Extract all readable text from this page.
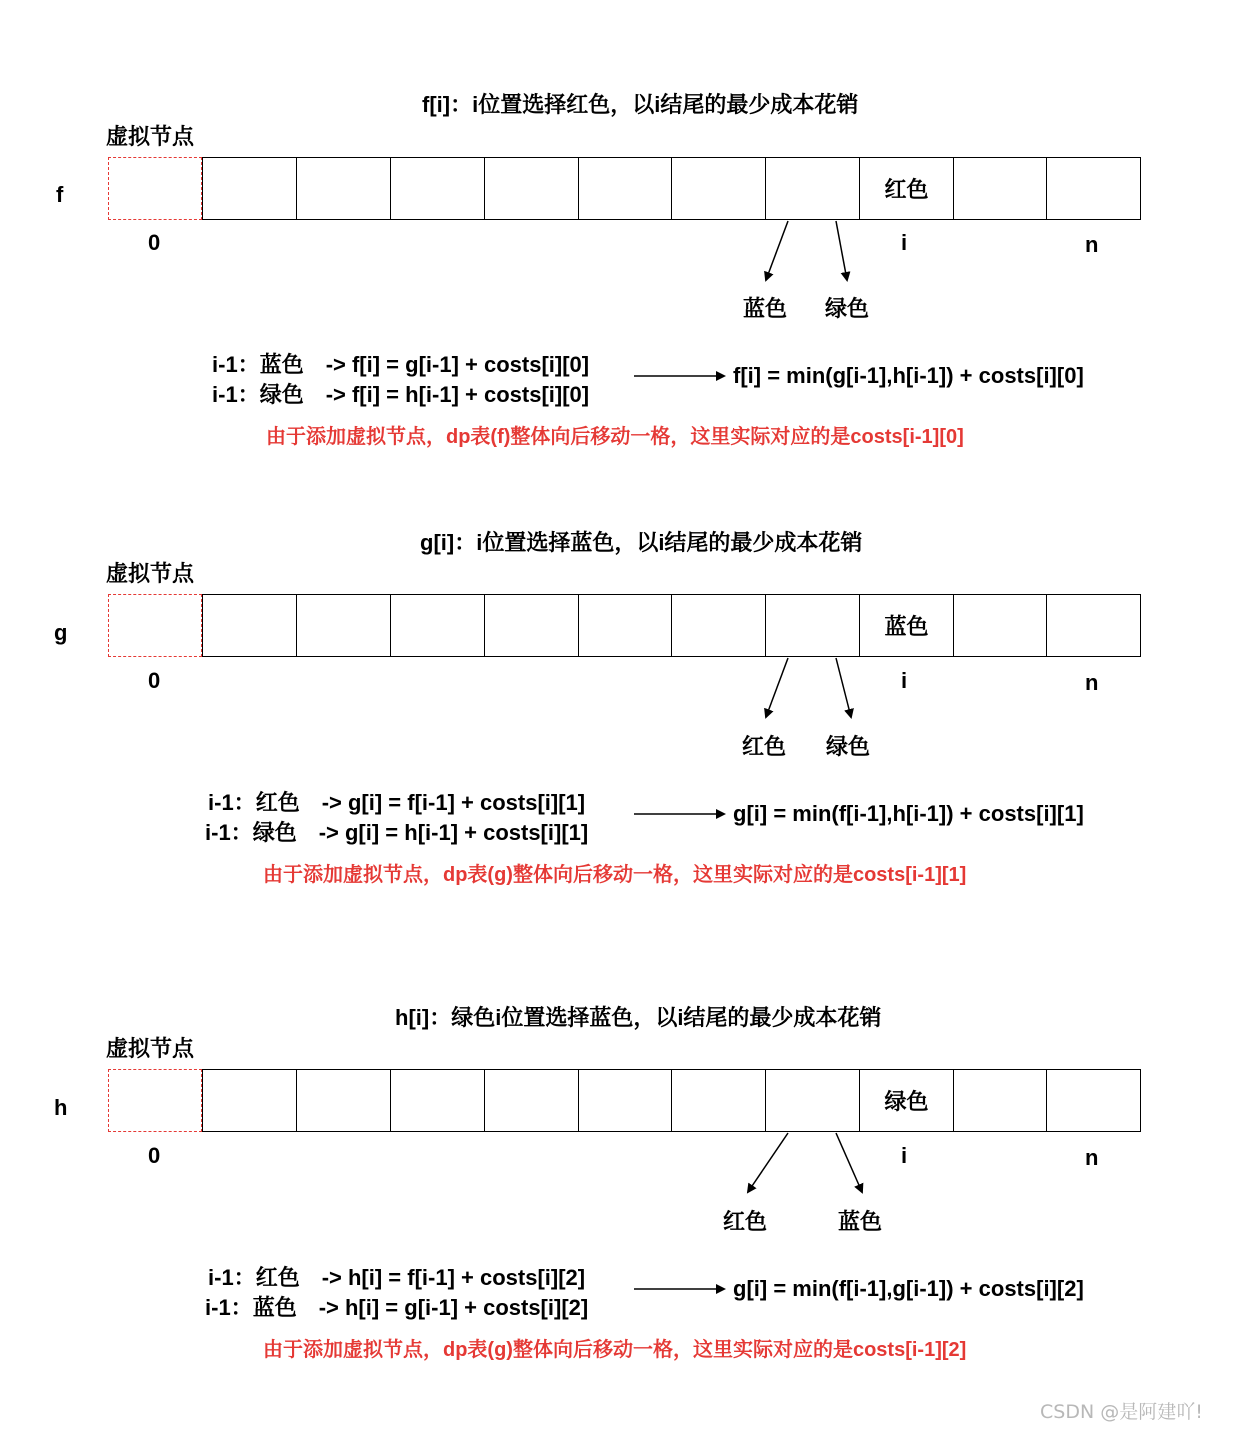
f[i]：i位置选择红色，以i结尾的最少成本花销
虚拟节点
f	红色
0	i	n
蓝色 绿色
i-1：蓝色 -> f[i] = g[i-1] + costs[i][0]
i-1：绿色 -> f[i] = h[i-1] + costs[i][0]
f[i] = min(g[i-1],h[i-1]) + costs[i][0]
由于添加虚拟节点，dp表(f)整体向后移动一格，这里实际对应的是costs[i-1][0]
g[i]：i位置选择蓝色，以i结尾的最少成本花销
虚拟节点
g	蓝色
0	i	n
红色 绿色
i-1：红色 -> g[i] = f[i-1] + costs[i][1]
i-1：绿色 -> g[i] = h[i-1] + costs[i][1]
g[i] = min(f[i-1],h[i-1]) + costs[i][1]
由于添加虚拟节点，dp表(g)整体向后移动一格，这里实际对应的是costs[i-1][1]
h[i]：绿色i位置选择蓝色，以i结尾的最少成本花销
虚拟节点
h	绿色
0	i	n
红色	蓝色
i-1：红色 -> h[i] = f[i-1] + costs[i][2]
i-1：蓝色 -> h[i] = g[i-1] + costs[i][2]
g[i] = min(f[i-1],g[i-1]) + costs[i][2]
由于添加虚拟节点，dp表(g)整体向后移动一格，这里实际对应的是costs[i-1][2]
CSDN @是阿建吖!
